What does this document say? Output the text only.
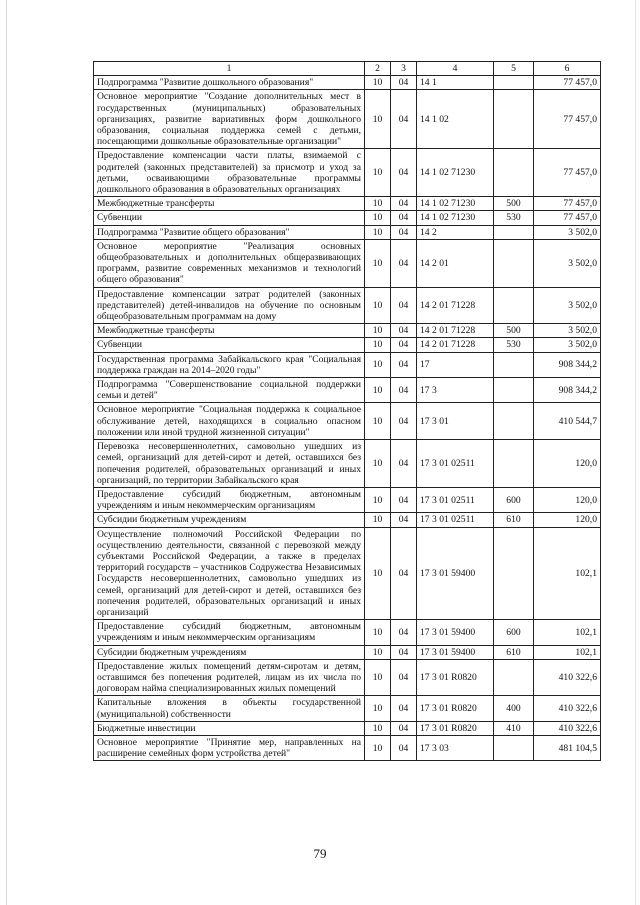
1	2	3	4	5	6
Подпрограмма "Развитие дошкольного образования"	10	04	14 1		77 457,0
Основное мероприятие "Создание дополнительных мест в государственных (муниципальных) образовательных организациях, развитие вариативных форм дошкольного образования, социальная поддержка семей с детьми, посещающими дошкольные образовательные организации"	10	04	14 1 02		77 457,0
Предоставление компенсации части платы, взимаемой с родителей (законных представителей) за присмотр и уход за детьми, осваивающими образовательные программы дошкольного образования в образовательных организациях	10	04	14 1 02 71230		77 457,0
Межбюджетные трансферты	10	04	14 1 02 71230	500	77 457,0
Субвенции	10	04	14 1 02 71230	530	77 457,0
Подпрограмма "Развитие общего образования"	10	04	14 2		3 502,0
Основное мероприятие "Реализация основных общеобразовательных и дополнительных общеразвивающих программ, развитие современных механизмов и технологий общего образования"	10	04	14 2 01		3 502,0
Предоставление компенсации затрат родителей (законных представителей) детей-инвалидов на обучение по основным общеобразовательным программам на дому	10	04	14 2 01 71228		3 502,0
Межбюджетные трансферты	10	04	14 2 01 71228	500	3 502,0
Субвенции	10	04	14 2 01 71228	530	3 502,0
Государственная программа Забайкальского края "Социальная поддержка граждан на 2014–2020 годы"	10	04	17		908 344,2
Подпрограмма "Совершенствование социальной поддержки семьи и детей"	10	04	17 3		908 344,2
Основное мероприятие "Социальная поддержка к социальное обслуживание детей, находящихся в социально опасном положении или иной трудной жизненной ситуации"	10	04	17 3 01		410 544,7
Перевозка несовершеннолетних, самовольно ушедших из семей, организаций для детей-сирот и детей, оставшихся без попечения родителей, образовательных организаций и иных организаций, по территории Забайкальского края	10	04	17 3 01 02511		120,0
Предоставление субсидий бюджетным, автономным учреждениям и иным некоммерческим организациям	10	04	17 3 01 02511	600	120,0
Субсидии бюджетным учреждениям	10	04	17 3 01 02511	610	120,0
Осуществление полномочий Российской Федерации по осуществлению деятельности, связанной с перевозкой между субъектами Российской Федерации, а также в пределах территорий государств – участников Содружества Независимых Государств несовершеннолетних, самовольно ушедших из семей, организаций для детей-сирот и детей, оставшихся без попечения родителей, образовательных организаций и иных организаций	10	04	17 3 01 59400		102,1
Предоставление субсидий бюджетным, автономным учреждениям и иным некоммерческим организациям	10	04	17 3 01 59400	600	102,1
Субсидии бюджетным учреждениям	10	04	17 3 01 59400	610	102,1
Предоставление жилых помещений детям-сиротам и детям, оставшимся без попечения родителей, лицам из их числа по договорам найма специализированных жилых помещений	10	04	17 3 01 R0820		410 322,6
Капитальные вложения в объекты государственной (муниципальной) собственности	10	04	17 3 01 R0820	400	410 322,6
Бюджетные инвестиции	10	04	17 3 01 R0820	410	410 322,6
Основное мероприятие "Принятие мер, направленных на расширение семейных форм устройства детей"	10	04	17 3 03		481 104,5
79
